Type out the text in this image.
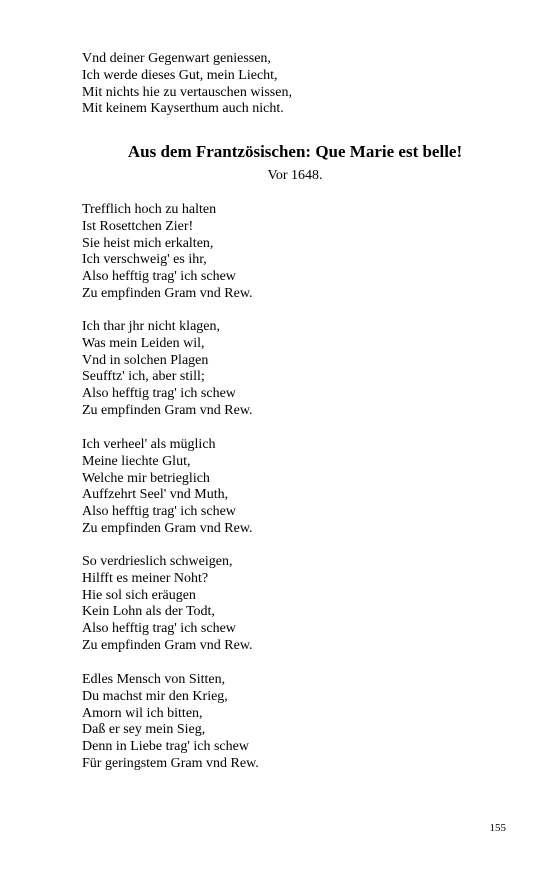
Vnd deiner Gegenwart geniessen,
Ich werde dieses Gut, mein Liecht,
Mit nichts hie zu vertauschen wissen,
Mit keinem Kayserthum auch nicht.
Aus dem Frantzösischen: Que Marie est belle!
Vor 1648.
Trefflich hoch zu halten
Ist Rosettchen Zier!
Sie heist mich erkalten,
Ich verschweig' es ihr,
Also hefftig trag' ich schew
Zu empfinden Gram vnd Rew.
Ich thar jhr nicht klagen,
Was mein Leiden wil,
Vnd in solchen Plagen
Seufftz' ich, aber still;
Also hefftig trag' ich schew
Zu empfinden Gram vnd Rew.
Ich verheel' als müglich
Meine liechte Glut,
Welche mir betrieglich
Auffzehrt Seel' vnd Muth,
Also hefftig trag' ich schew
Zu empfinden Gram vnd Rew.
So verdrieslich schweigen,
Hilfft es meiner Noht?
Hie sol sich eräugen
Kein Lohn als der Todt,
Also hefftig trag' ich schew
Zu empfinden Gram vnd Rew.
Edles Mensch von Sitten,
Du machst mir den Krieg,
Amorn wil ich bitten,
Daß er sey mein Sieg,
Denn in Liebe trag' ich schew
Für geringstem Gram vnd Rew.
155
